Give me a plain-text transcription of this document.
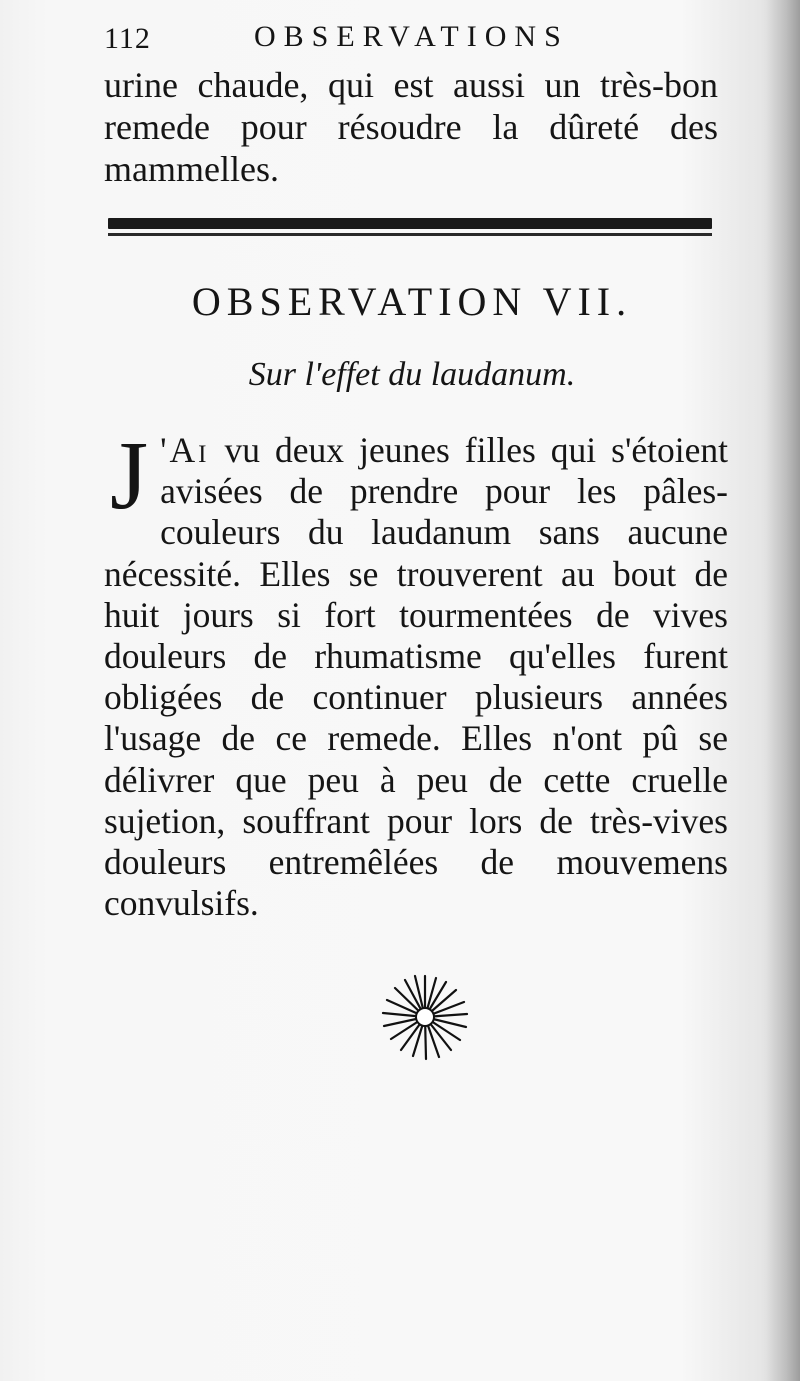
112	OBSERVATIONS
urine chaude, qui est aussi un très-bon remede pour résoudre la dûreté des mammelles.
OBSERVATION VII.
Sur l'effet du laudanum.

J 'Ai vu deux jeunes filles qui s'étoient avisées de prendre pour les pâles-couleurs du laudanum sans aucune nécessité. Elles se trouverent au bout de huit jours si fort tourmentées de vives douleurs de rhumatisme qu'elles furent obligées de continuer plusieurs années l'usage de ce remede. Elles n'ont pû se délivrer que peu à peu de cette cruelle sujetion, souffrant pour lors de très-vives douleurs entremêlées de mouvemens convulsifs.
